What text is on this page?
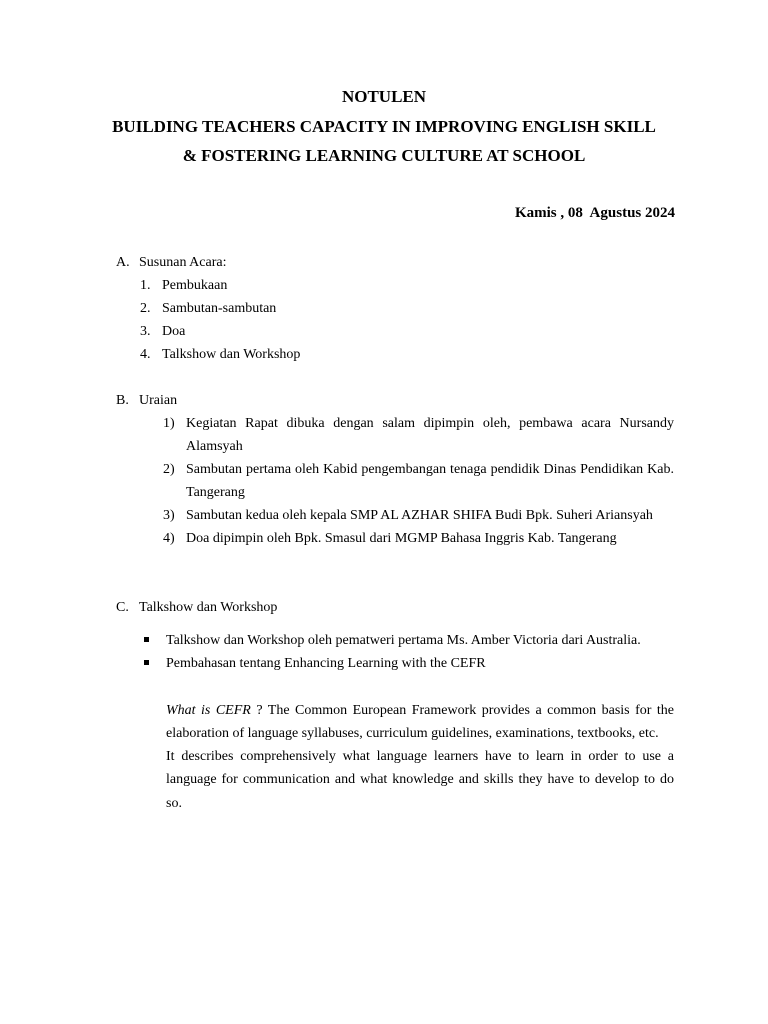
NOTULEN
BUILDING TEACHERS CAPACITY IN IMPROVING ENGLISH SKILL
& FOSTERING LEARNING CULTURE AT SCHOOL
Kamis , 08  Agustus 2024
A. Susunan Acara:
1. Pembukaan
2. Sambutan-sambutan
3. Doa
4. Talkshow dan Workshop
B. Uraian
1) Kegiatan Rapat dibuka dengan salam dipimpin oleh, pembawa acara Nursandy Alamsyah
2) Sambutan pertama oleh Kabid pengembangan tenaga pendidik Dinas Pendidikan Kab. Tangerang
3) Sambutan kedua oleh kepala SMP AL AZHAR SHIFA Budi Bpk. Suheri Ariansyah
4) Doa dipimpin oleh Bpk. Smasul dari MGMP Bahasa Inggris Kab. Tangerang
C. Talkshow dan Workshop
Talkshow dan Workshop oleh pematweri pertama Ms. Amber Victoria dari Australia.
Pembahasan tentang Enhancing Learning with the CEFR
What is CEFR ? The Common European Framework provides a common basis for the elaboration of language syllabuses, curriculum guidelines, examinations, textbooks, etc.
It describes comprehensively what language learners have to learn in order to use a language for communication and what knowledge and skills they have to develop to do so.
